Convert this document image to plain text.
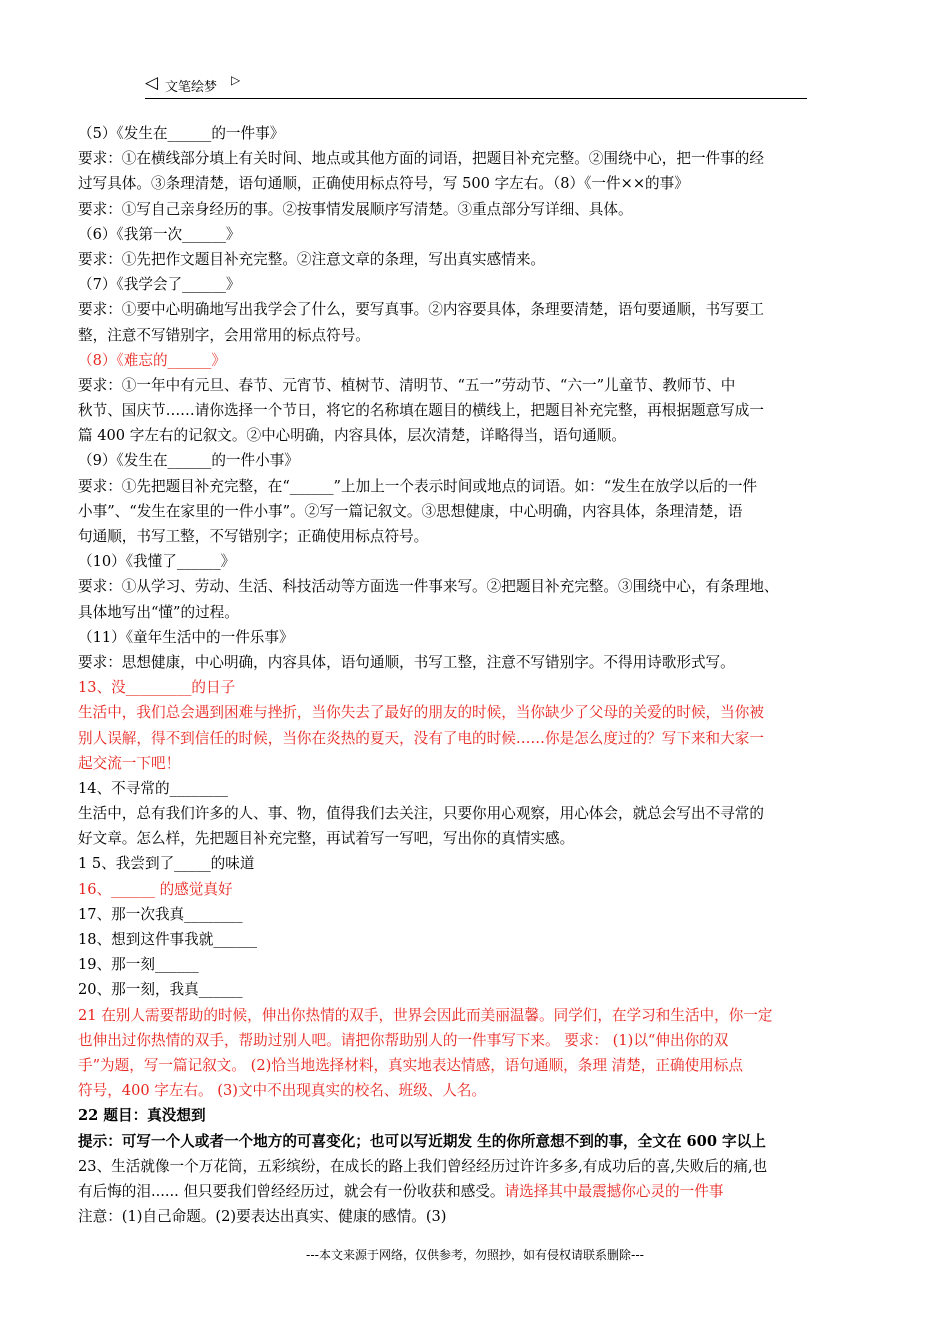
◁ 文笔绘梦 ▷
（5）《发生在______的一件事》
要求：①在横线部分填上有关时间、地点或其他方面的词语，把题目补充完整。②围绕中心，把一件事的经
过写具体。③条理清楚，语句通顺，正确使用标点符号，写 500 字左右。（8）《一件××的事》
要求：①写自己亲身经历的事。②按事情发展顺序写清楚。③重点部分写详细、具体。
（6）《我第一次______》
要求：①先把作文题目补充完整。②注意文章的条理，写出真实感情来。
（7）《我学会了______》
要求：①要中心明确地写出我学会了什么，要写真事。②内容要具体，条理要清楚，语句要通顺，书写要工
整，注意不写错别字，会用常用的标点符号。
（8）《难忘的______》
要求：①一年中有元旦、春节、元宵节、植树节、清明节、“五一”劳动节、“六一”儿童节、教师节、中
秋节、国庆节……请你选择一个节日，将它的名称填在题目的横线上，把题目补充完整，再根据题意写成一
篇 400 字左右的记叙文。②中心明确，内容具体，层次清楚，详略得当，语句通顺。
（9）《发生在______的一件小事》
要求：①先把题目补充完整，在“______”上加上一个表示时间或地点的词语。如：“发生在放学以后的一件
小事”、“发生在家里的一件小事”。②写一篇记叙文。③思想健康，中心明确，内容具体，条理清楚，语
句通顺，书写工整，不写错别字；正确使用标点符号。
（10）《我懂了______》
要求：①从学习、劳动、生活、科技活动等方面选一件事来写。②把题目补充完整。③围绕中心，有条理地、
具体地写出“懂”的过程。
（11）《童年生活中的一件乐事》
要求：思想健康，中心明确，内容具体，语句通顺，书写工整，注意不写错别字。不得用诗歌形式写。
13、没_________的日子
生活中，我们总会遇到困难与挫折，当你失去了最好的朋友的时候，当你缺少了父母的关爱的时候，当你被
别人误解，得不到信任的时候，当你在炎热的夏天，没有了电的时候……你是怎么度过的？写下来和大家一
起交流一下吧！
14、不寻常的________
生活中，总有我们许多的人、事、物，值得我们去关注，只要你用心观察，用心体会，就总会写出不寻常的
好文章。怎么样，先把题目补充完整，再试着写一写吧，写出你的真情实感。
1 5、我尝到了_____的味道
16、______ 的感觉真好
17、那一次我真________
18、想到这件事我就______
19、那一刻______
20、那一刻，我真______
21 在别人需要帮助的时候，伸出你热情的双手，世界会因此而美丽温馨。同学们，在学习和生活中，你一定
也伸出过你热情的双手，帮助过别人吧。请把你帮助别人的一件事写下来。 要求： (1)以“伸出你的双
手”为题，写一篇记叙文。 (2)恰当地选择材料，真实地表达情感，语句通顺，条理 清楚，正确使用标点
符号，400 字左右。 (3)文中不出现真实的校名、班级、人名。
22 题目：真没想到
提示：可写一个人或者一个地方的可喜变化；也可以写近期发 生的你所意想不到的事，全文在 600 字以上
23、生活就像一个万花筒，五彩缤纷，在成长的路上我们曾经经历过许许多多,有成功后的喜,失败后的痛,也
有后悔的泪...... 但只要我们曾经经历过，就会有一份收获和感受。请选择其中最震撼你心灵的一件事
注意：(1)自己命题。(2)要表达出真实、健康的感情。(3)
---本文来源于网络，仅供参考，勿照抄，如有侵权请联系删除---
